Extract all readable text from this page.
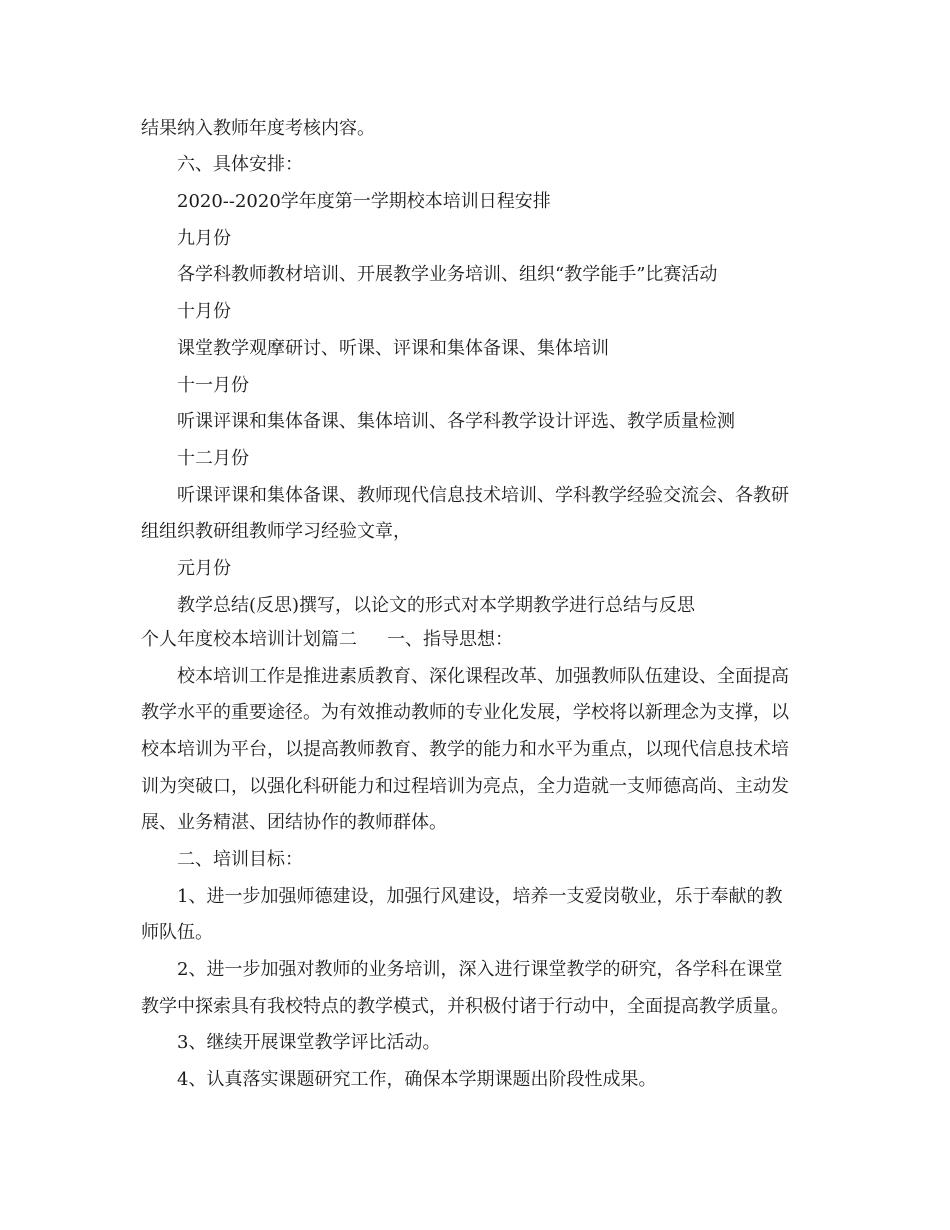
结果纳入教师年度考核内容。
六、具体安排：
2020--2020学年度第一学期校本培训日程安排
九月份
各学科教师教材培训、开展教学业务培训、组织“教学能手”比赛活动
十月份
课堂教学观摩研讨、听课、评课和集体备课、集体培训
十一月份
听课评课和集体备课、集体培训、各学科教学设计评选、教学质量检测
十二月份
听课评课和集体备课、教师现代信息技术培训、学科教学经验交流会、各教研
组组织教研组教师学习经验文章，
元月份
教学总结(反思)撰写，以论文的形式对本学期教学进行总结与反思
个人年度校本培训计划篇二 一、指导思想：
校本培训工作是推进素质教育、深化课程改革、加强教师队伍建设、全面提高
教学水平的重要途径。为有效推动教师的专业化发展，学校将以新理念为支撑，以
校本培训为平台，以提高教师教育、教学的能力和水平为重点，以现代信息技术培
训为突破口，以强化科研能力和过程培训为亮点，全力造就一支师德高尚、主动发
展、业务精湛、团结协作的教师群体。
二、培训目标：
1、进一步加强师德建设，加强行风建设，培养一支爱岗敬业，乐于奉献的教
师队伍。
2、进一步加强对教师的业务培训，深入进行课堂教学的研究，各学科在课堂
教学中探索具有我校特点的教学模式，并积极付诸于行动中，全面提高教学质量。
3、继续开展课堂教学评比活动。
4、认真落实课题研究工作，确保本学期课题出阶段性成果。
